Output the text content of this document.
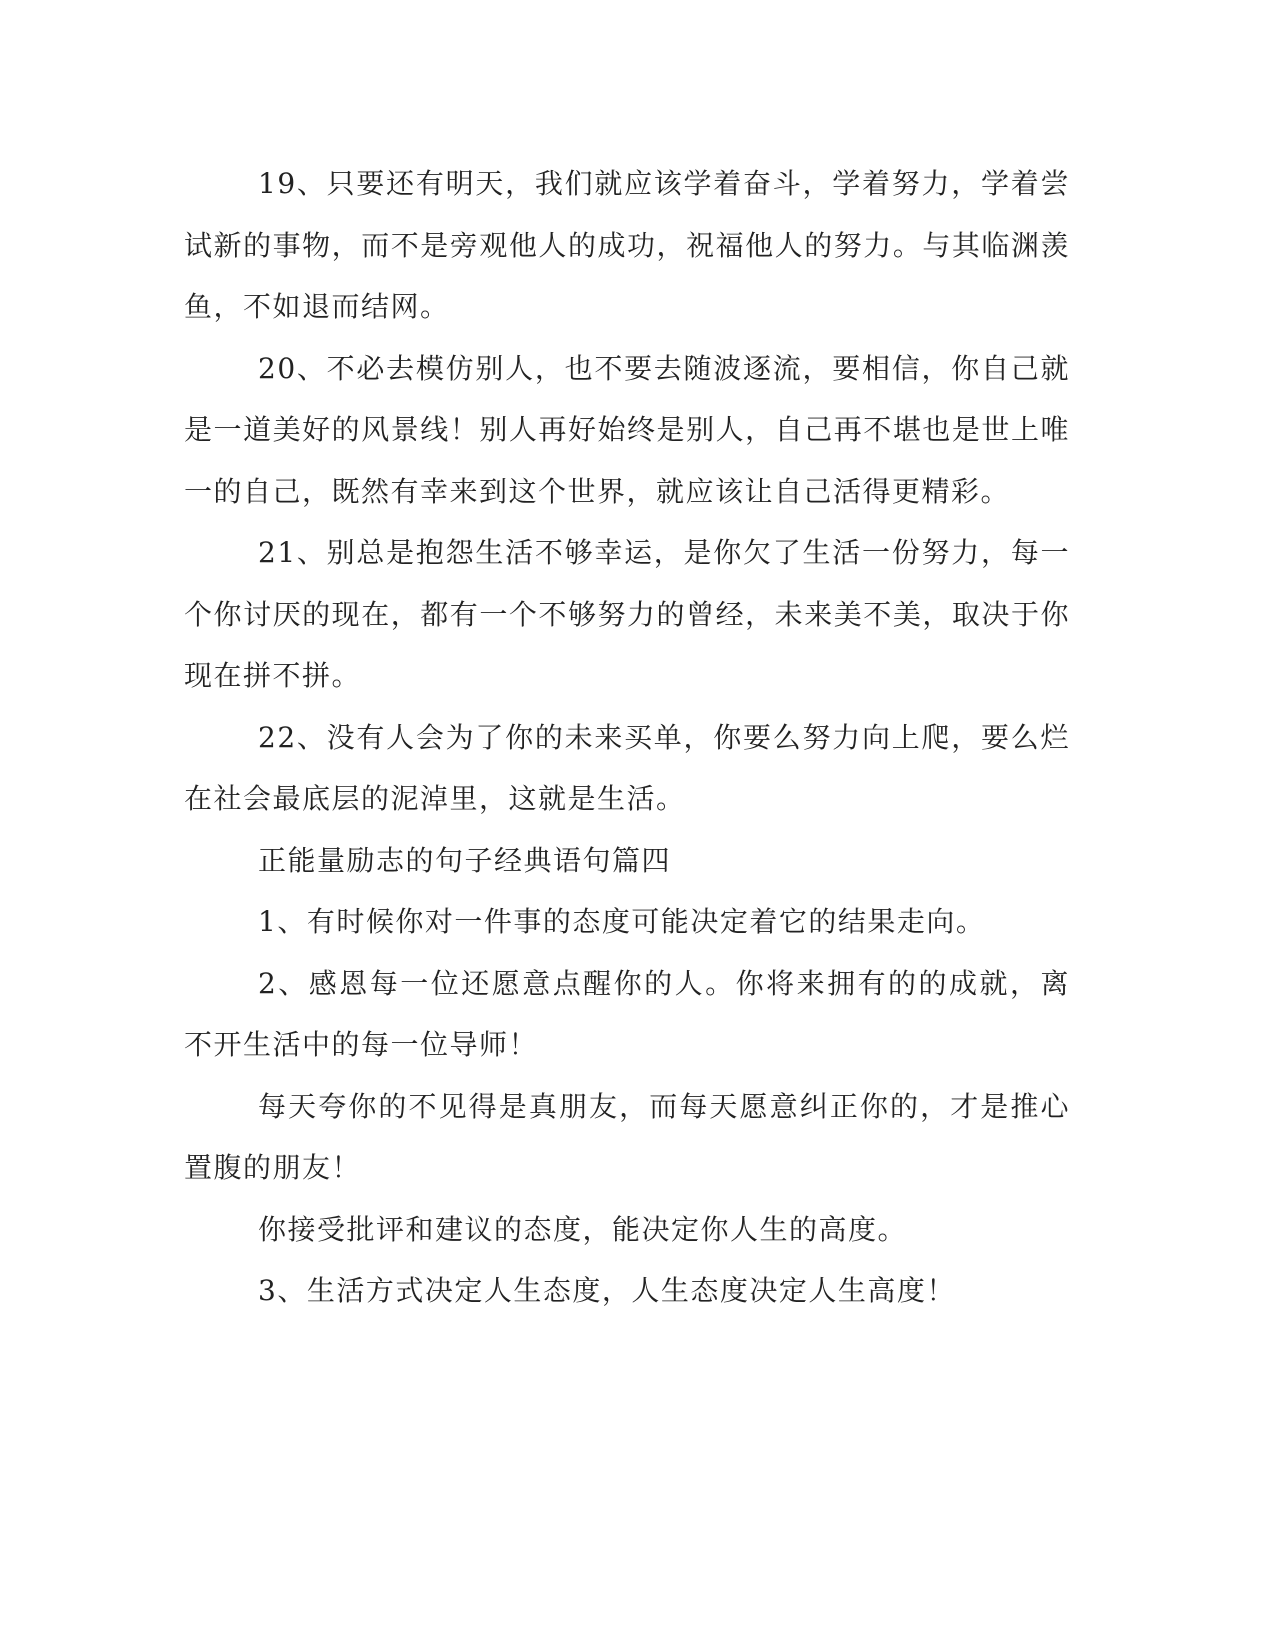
19、只要还有明天，我们就应该学着奋斗，学着努力，学着尝试新的事物，而不是旁观他人的成功，祝福他人的努力。与其临渊羡鱼，不如退而结网。

20、不必去模仿别人，也不要去随波逐流，要相信，你自己就是一道美好的风景线！别人再好始终是别人，自己再不堪也是世上唯一的自己，既然有幸来到这个世界，就应该让自己活得更精彩。

21、别总是抱怨生活不够幸运，是你欠了生活一份努力，每一个你讨厌的现在，都有一个不够努力的曾经，未来美不美，取决于你现在拼不拼。

22、没有人会为了你的未来买单，你要么努力向上爬，要么烂在社会最底层的泥淖里，这就是生活。

正能量励志的句子经典语句篇四

1、有时候你对一件事的态度可能决定着它的结果走向。

2、感恩每一位还愿意点醒你的人。你将来拥有的的成就，离不开生活中的每一位导师！

每天夸你的不见得是真朋友，而每天愿意纠正你的，才是推心置腹的朋友！

你接受批评和建议的态度，能决定你人生的高度。

3、生活方式决定人生态度，人生态度决定人生高度！
